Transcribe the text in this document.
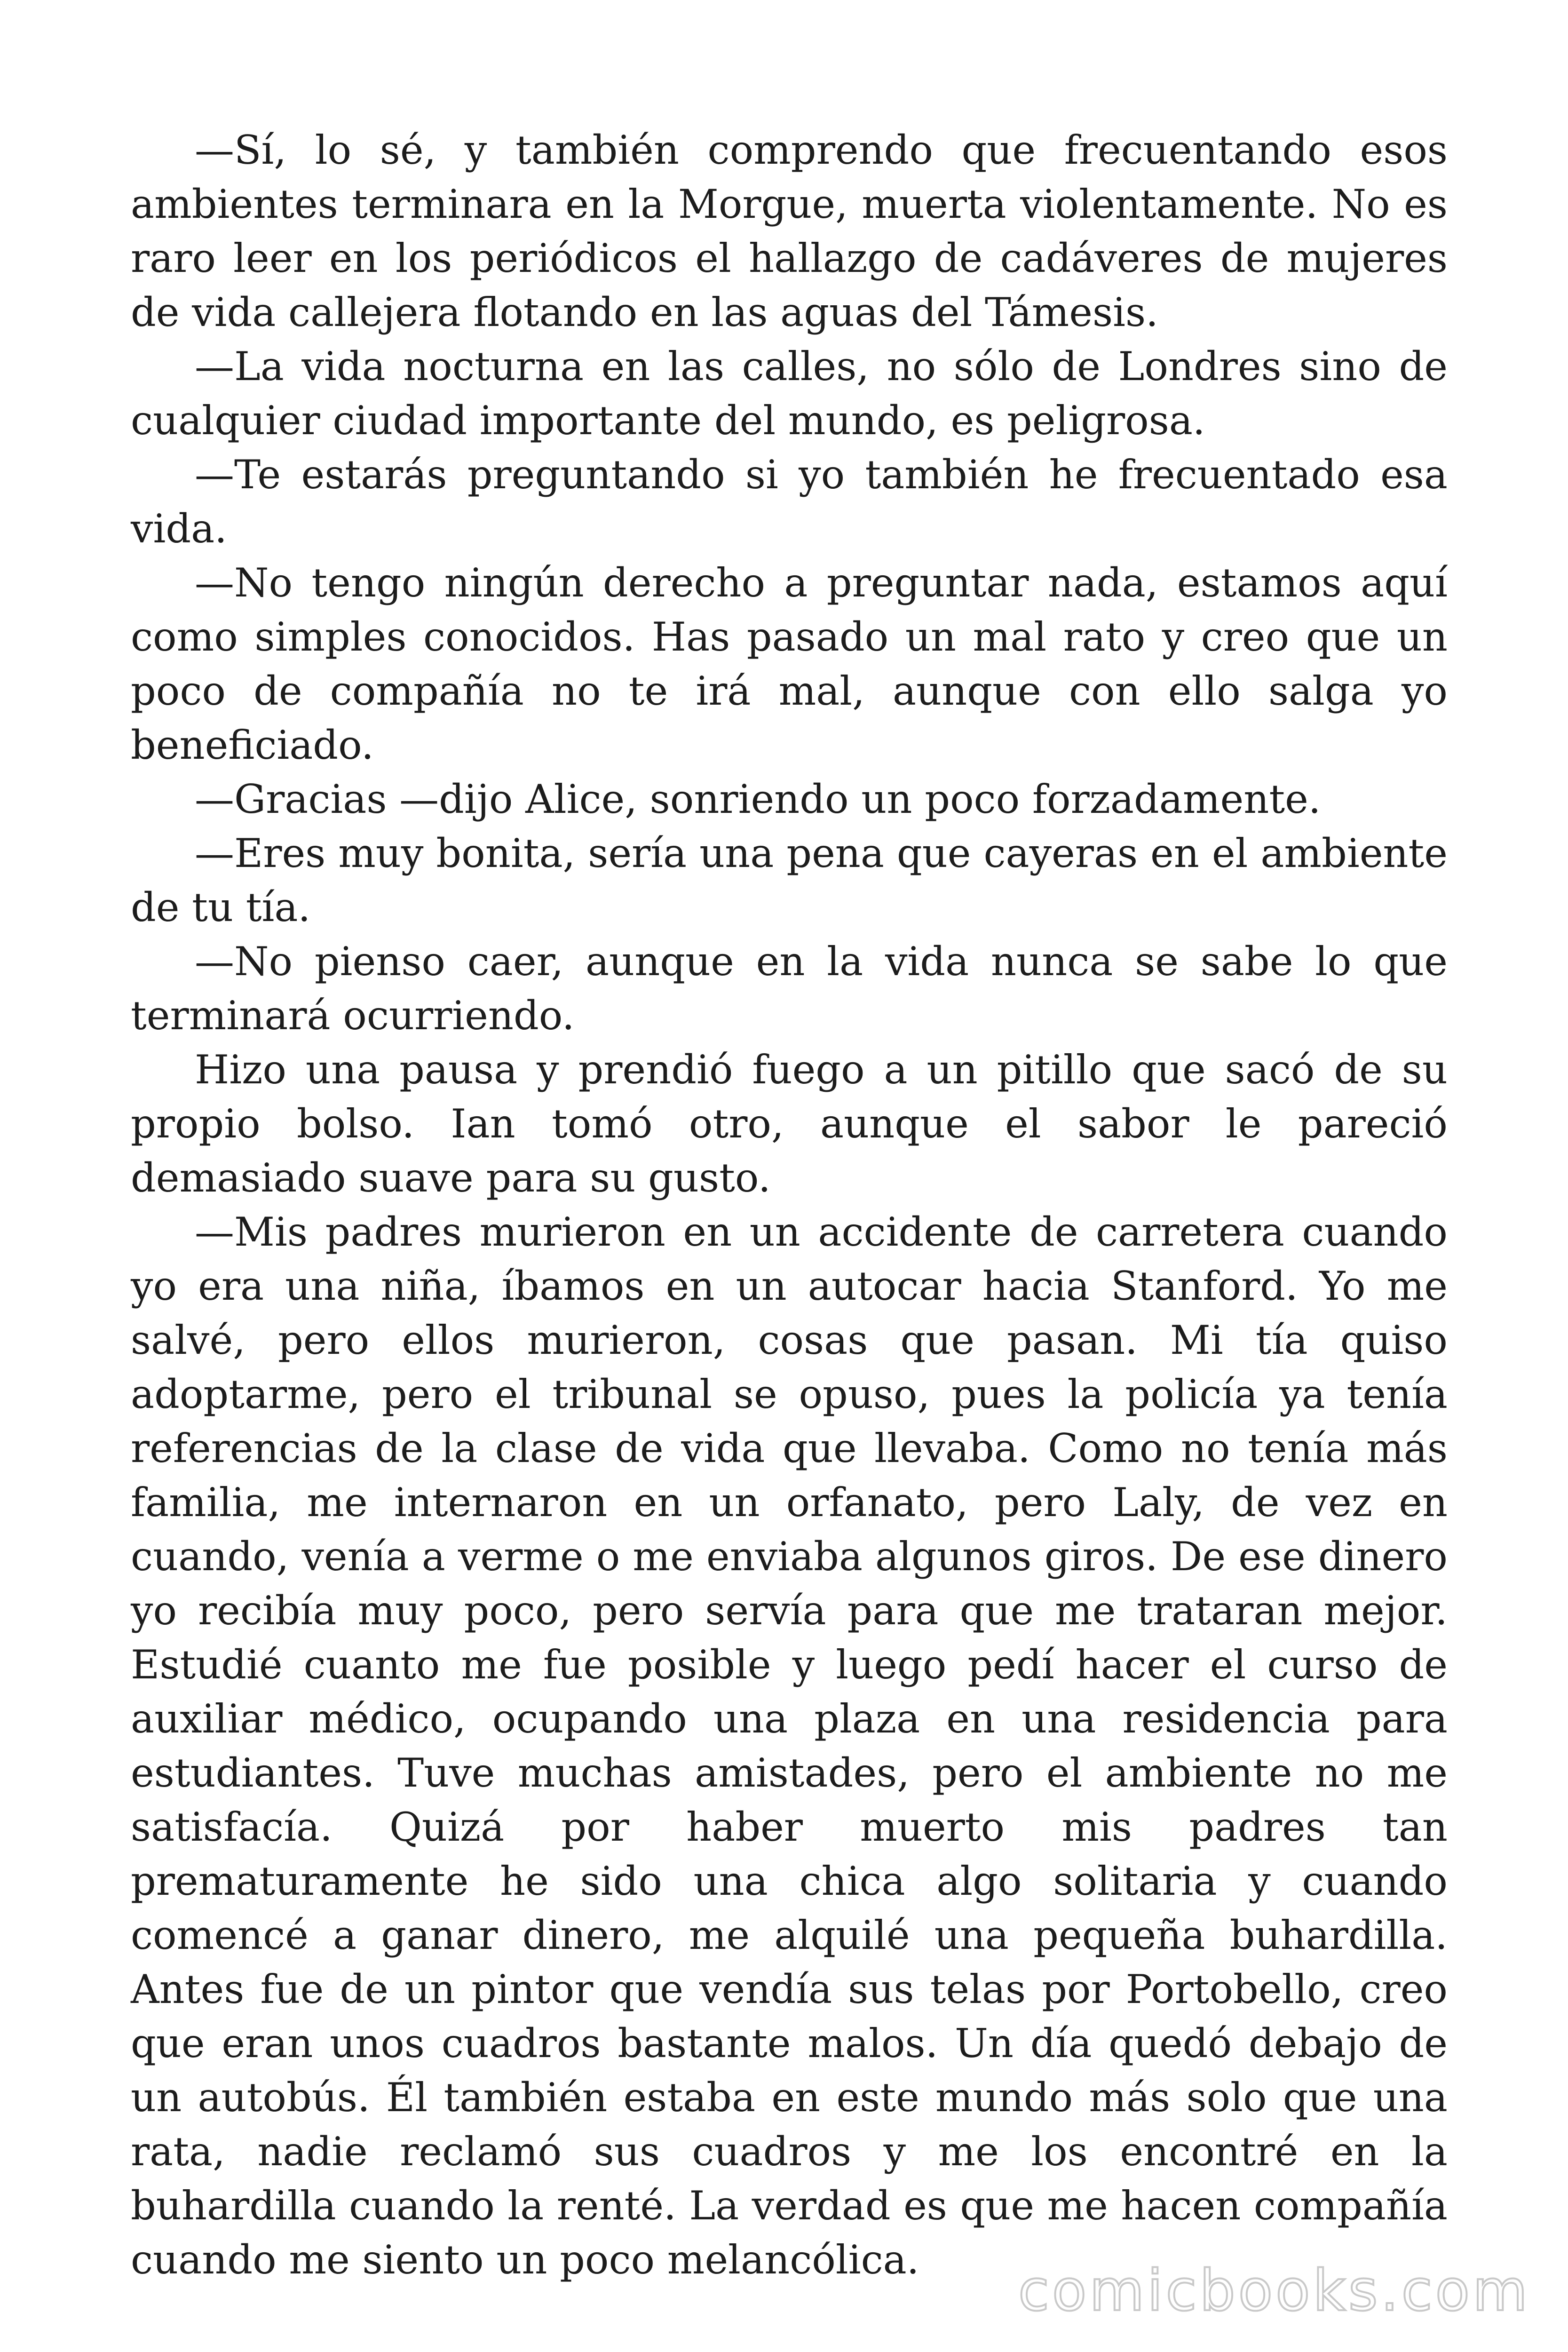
—Sí, lo sé, y también comprendo que frecuentando esos ambientes terminara en la Morgue, muerta violentamente. No es raro leer en los periódicos el hallazgo de cadáveres de mujeres de vida callejera flotando en las aguas del Támesis.

—La vida nocturna en las calles, no sólo de Londres sino de cualquier ciudad importante del mundo, es peligrosa.

—Te estarás preguntando si yo también he frecuentado esa vida.

—No tengo ningún derecho a preguntar nada, estamos aquí como simples conocidos. Has pasado un mal rato y creo que un poco de compañía no te irá mal, aunque con ello salga yo beneficiado.

—Gracias —dijo Alice, sonriendo un poco forzadamente.

—Eres muy bonita, sería una pena que cayeras en el ambiente de tu tía.

—No pienso caer, aunque en la vida nunca se sabe lo que terminará ocurriendo.

Hizo una pausa y prendió fuego a un pitillo que sacó de su propio bolso. Ian tomó otro, aunque el sabor le pareció demasiado suave para su gusto.

—Mis padres murieron en un accidente de carretera cuando yo era una niña, íbamos en un autocar hacia Stanford. Yo me salvé, pero ellos murieron, cosas que pasan. Mi tía quiso adoptarme, pero el tribunal se opuso, pues la policía ya tenía referencias de la clase de vida que llevaba. Como no tenía más familia, me internaron en un orfanato, pero Laly, de vez en cuando, venía a verme o me enviaba algunos giros. De ese dinero yo recibía muy poco, pero servía para que me trataran mejor. Estudié cuanto me fue posible y luego pedí hacer el curso de auxiliar médico, ocupando una plaza en una residencia para estudiantes. Tuve muchas amistades, pero el ambiente no me satisfacía. Quizá por haber muerto mis padres tan prematuramente he sido una chica algo solitaria y cuando comencé a ganar dinero, me alquilé una pequeña buhardilla. Antes fue de un pintor que vendía sus telas por Portobello, creo que eran unos cuadros bastante malos. Un día quedó debajo de un autobús. Él también estaba en este mundo más solo que una rata, nadie reclamó sus cuadros y me los encontré en la buhardilla cuando la renté. La verdad es que me hacen compañía cuando me siento un poco melancólica.	comicbooks.com
